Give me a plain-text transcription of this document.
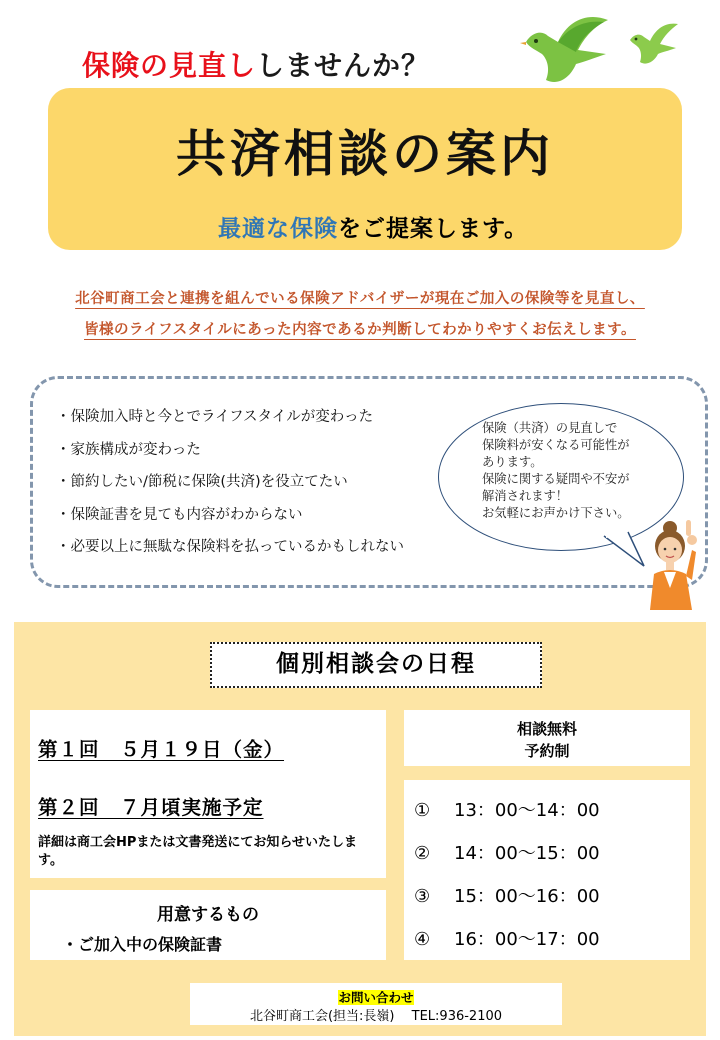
保険の見直ししませんか？
共済相談の案内
最適な保険をご提案します。
北谷町商工会と連携を組んでいる保険アドバイザーが現在ご加入の保険等を見直し、
皆様のライフスタイルにあった内容であるか判断してわかりやすくお伝えします。
・保険加入時と今とでライフスタイルが変わった
・家族構成が変わった
・節約したい/節税に保険(共済)を役立てたい
・保険証書を見ても内容がわからない
・必要以上に無駄な保険料を払っているかもしれない
保険（共済）の見直しで
保険料が安くなる可能性が
あります。
保険に関する疑問や不安が
解消されます！
お気軽にお声かけ下さい。
個別相談会の日程
第１回　５月１９日（金）
第２回　７月頃実施予定
詳細は商工会HPまたは文書発送にてお知らせいたします。
用意するもの
・ご加入中の保険証書
相談無料
予約制
① 13：00～14：00
② 14：00～15：00
③ 15：00～16：00
④ 16：00～17：00
お問い合わせ
北谷町商工会(担当:長嶺)　 TEL:936-2100
